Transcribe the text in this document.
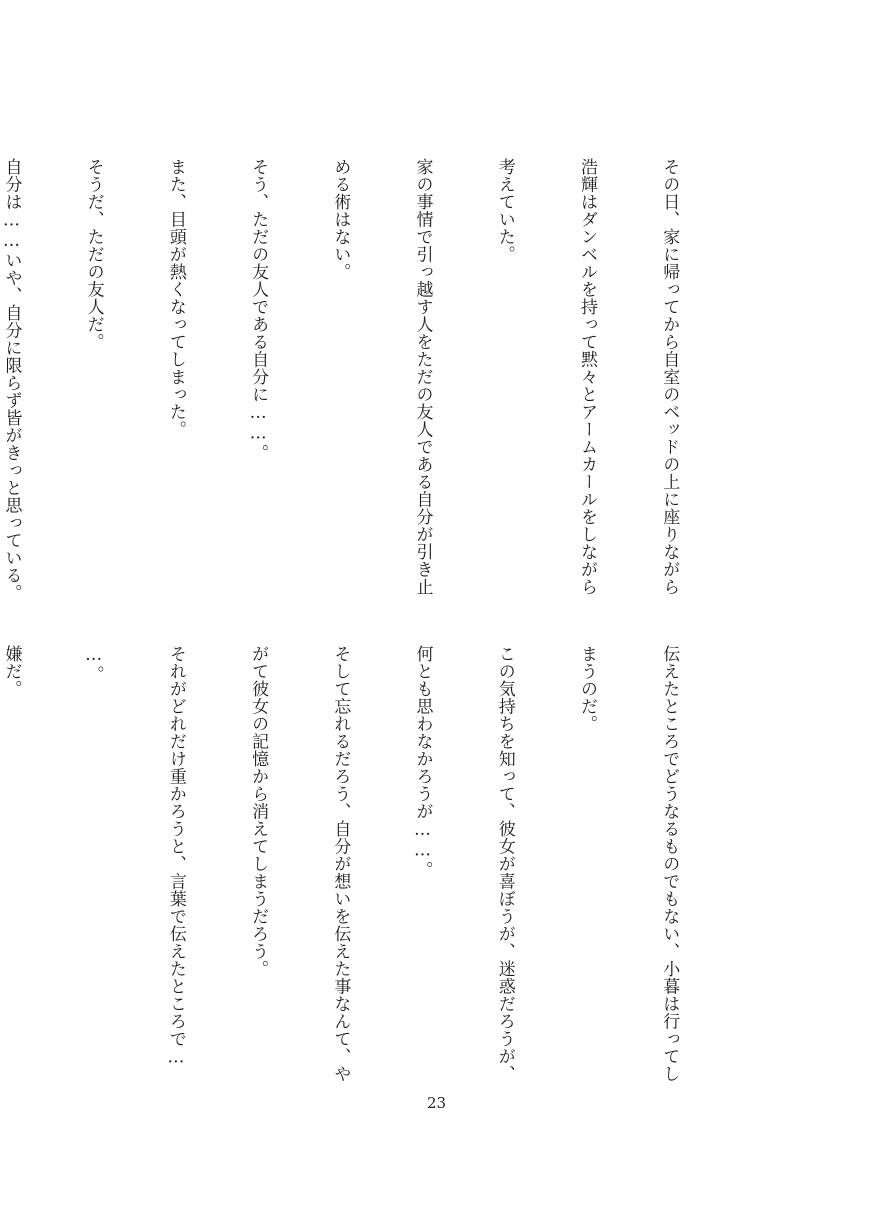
その日、家に帰ってから自室のベッドの上に座りながら

浩輝はダンベルを持って黙々とアームカールをしながら

考えていた。

家の事情で引っ越す人をただの友人である自分が引き止

める術はない。

そう、ただの友人である自分に……。

また、目頭が熱くなってしまった。

そうだ、ただの友人だ。

自分は……いや、自分に限らず皆がきっと思っている。

伝えたところでどうなるものでもない、小暮は行ってし

まうのだ。

この気持ちを知って、彼女が喜ぼうが、迷惑だろうが、

何とも思わなかろうが……。

そして忘れるだろう、自分が想いを伝えた事なんて、や

がて彼女の記憶から消えてしまうだろう。

それがどれだけ重かろうと、言葉で伝えたところで…

…。

嫌だ。

23
